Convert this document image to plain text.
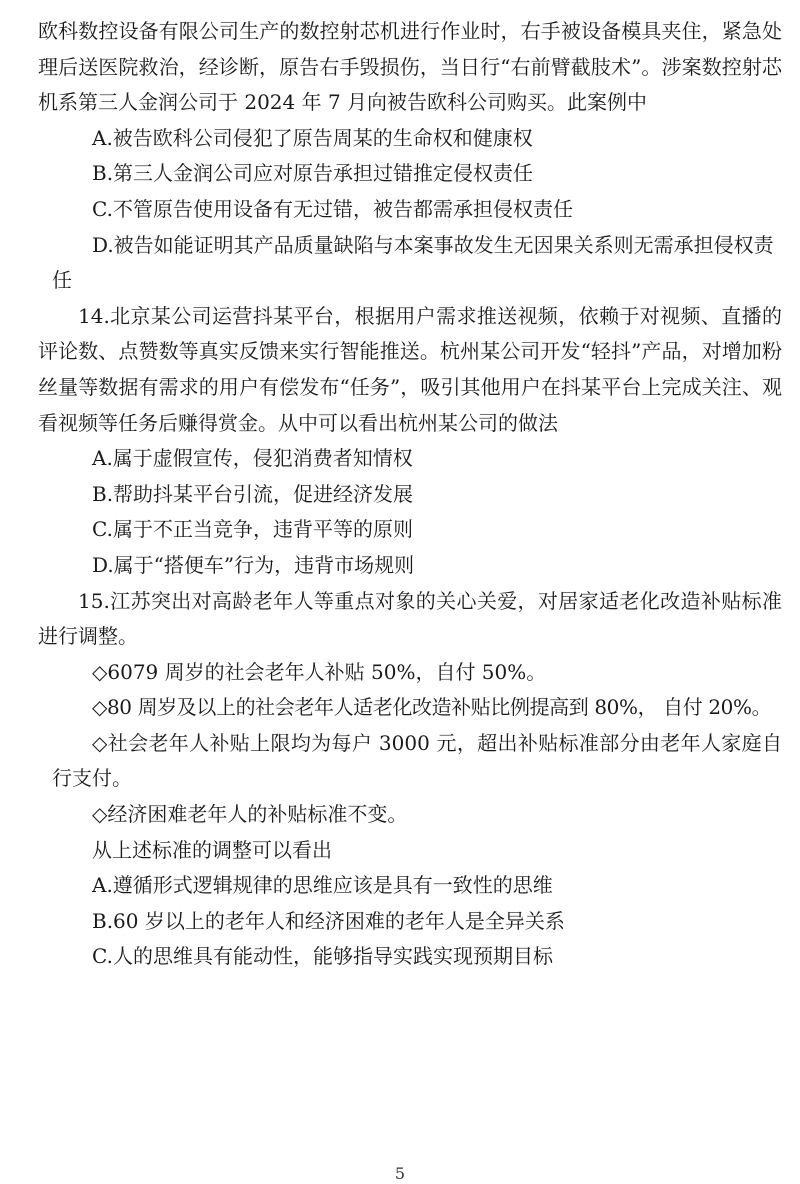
欧科数控设备有限公司生产的数控射芯机进行作业时，右手被设备模具夹住，紧急处理后送医院救治，经诊断，原告右手毁损伤，当日行“右前臂截肢术”。涉案数控射芯机系第三人金润公司于 2024 年 7 月向被告欧科公司购买。此案例中

A.被告欧科公司侵犯了原告周某的生命权和健康权

B.第三人金润公司应对原告承担过错推定侵权责任

C.不管原告使用设备有无过错，被告都需承担侵权责任

D.被告如能证明其产品质量缺陷与本案事故发生无因果关系则无需承担侵权责任

14.北京某公司运营抖某平台，根据用户需求推送视频，依赖于对视频、直播的评论数、点赞数等真实反馈来实行智能推送。杭州某公司开发“轻抖”产品，对增加粉丝量等数据有需求的用户有偿发布“任务”，吸引其他用户在抖某平台上完成关注、观看视频等任务后赚得赏金。从中可以看出杭州某公司的做法

A.属于虚假宣传，侵犯消费者知情权

B.帮助抖某平台引流，促进经济发展

C.属于不正当竞争，违背平等的原则

D.属于“搭便车”行为，违背市场规则

15.江苏突出对高龄老年人等重点对象的关心关爱，对居家适老化改造补贴标准进行调整。

◇6079 周岁的社会老年人补贴 50%，自付 50%。

◇80 周岁及以上的社会老年人适老化改造补贴比例提高到 80%， 自付 20%。

◇社会老年人补贴上限均为每户 3000 元，超出补贴标准部分由老年人家庭自行支付。

◇经济困难老年人的补贴标准不变。

从上述标准的调整可以看出

A.遵循形式逻辑规律的思维应该是具有一致性的思维

B.60 岁以上的老年人和经济困难的老年人是全异关系

C.人的思维具有能动性，能够指导实践实现预期目标

5
